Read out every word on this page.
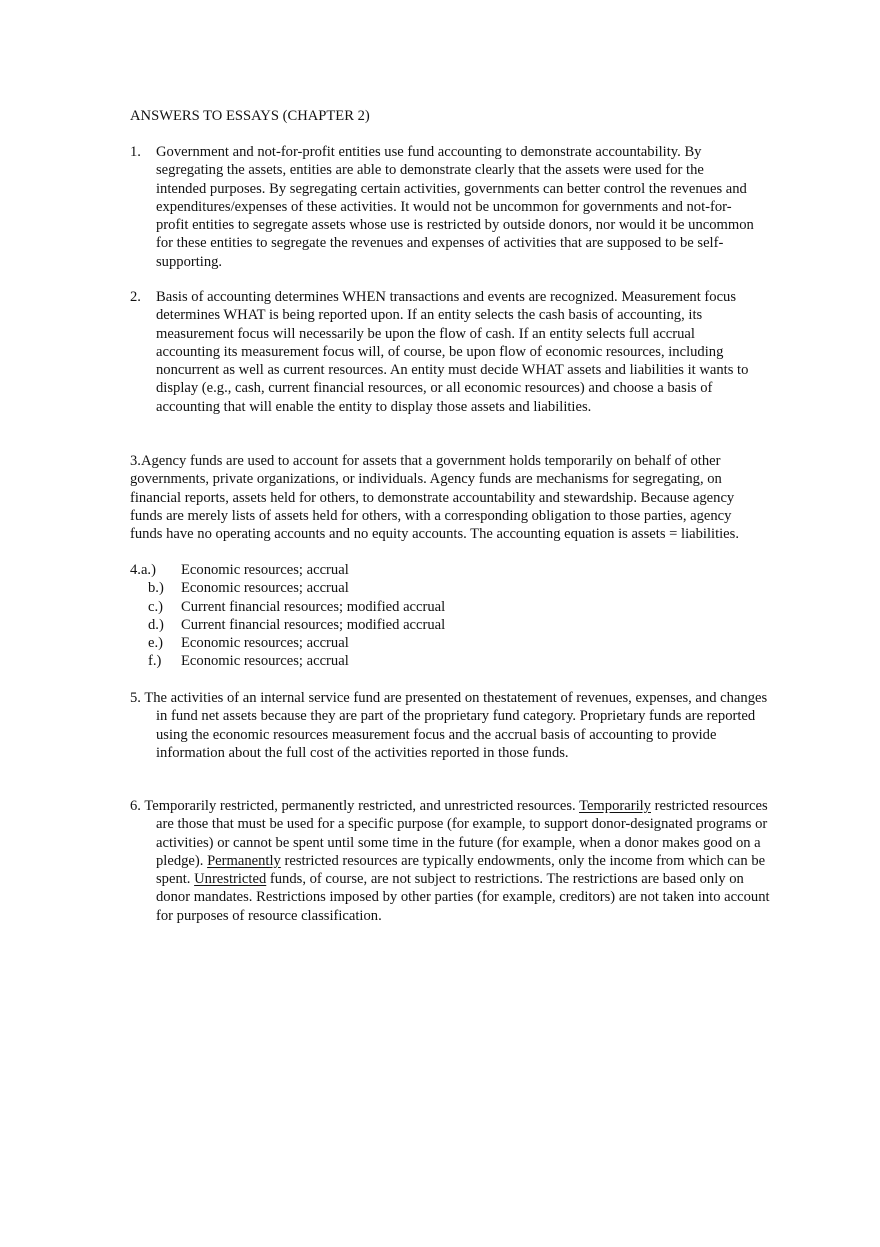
ANSWERS TO ESSAYS (CHAPTER 2)
1. Government and not-for-profit entities use fund accounting to demonstrate accountability. By segregating the assets, entities are able to demonstrate clearly that the assets were used for the intended purposes. By segregating certain activities, governments can better control the revenues and expenditures/expenses of these activities. It would not be uncommon for governments and not-for-profit entities to segregate assets whose use is restricted by outside donors, nor would it be uncommon for these entities to segregate the revenues and expenses of activities that are supposed to be self-supporting.
2. Basis of accounting determines WHEN transactions and events are recognized. Measurement focus determines WHAT is being reported upon. If an entity selects the cash basis of accounting, its measurement focus will necessarily be upon the flow of cash. If an entity selects full accrual accounting its measurement focus will, of course, be upon flow of economic resources, including noncurrent as well as current resources. An entity must decide WHAT assets and liabilities it wants to display (e.g., cash, current financial resources, or all economic resources) and choose a basis of accounting that will enable the entity to display those assets and liabilities.
3.Agency funds are used to account for assets that a government holds temporarily on behalf of other governments, private organizations, or individuals. Agency funds are mechanisms for segregating, on financial reports, assets held for others, to demonstrate accountability and stewardship. Because agency funds are merely lists of assets held for others, with a corresponding obligation to those parties, agency funds have no operating accounts and no equity accounts. The accounting equation is assets = liabilities.
4.a.) Economic resources; accrual
b.) Economic resources; accrual
c.) Current financial resources; modified accrual
d.) Current financial resources; modified accrual
e.) Economic resources; accrual
f.) Economic resources; accrual
5. The activities of an internal service fund are presented on thestatement of revenues, expenses, and changes in fund net assets because they are part of the proprietary fund category. Proprietary funds are reported using the economic resources measurement focus and the accrual basis of accounting to provide information about the full cost of the activities reported in those funds.
6. Temporarily restricted, permanently restricted, and unrestricted resources. Temporarily restricted resources are those that must be used for a specific purpose (for example, to support donor-designated programs or activities) or cannot be spent until some time in the future (for example, when a donor makes good on a pledge). Permanently restricted resources are typically endowments, only the income from which can be spent. Unrestricted funds, of course, are not subject to restrictions. The restrictions are based only on donor mandates. Restrictions imposed by other parties (for example, creditors) are not taken into account for purposes of resource classification.
